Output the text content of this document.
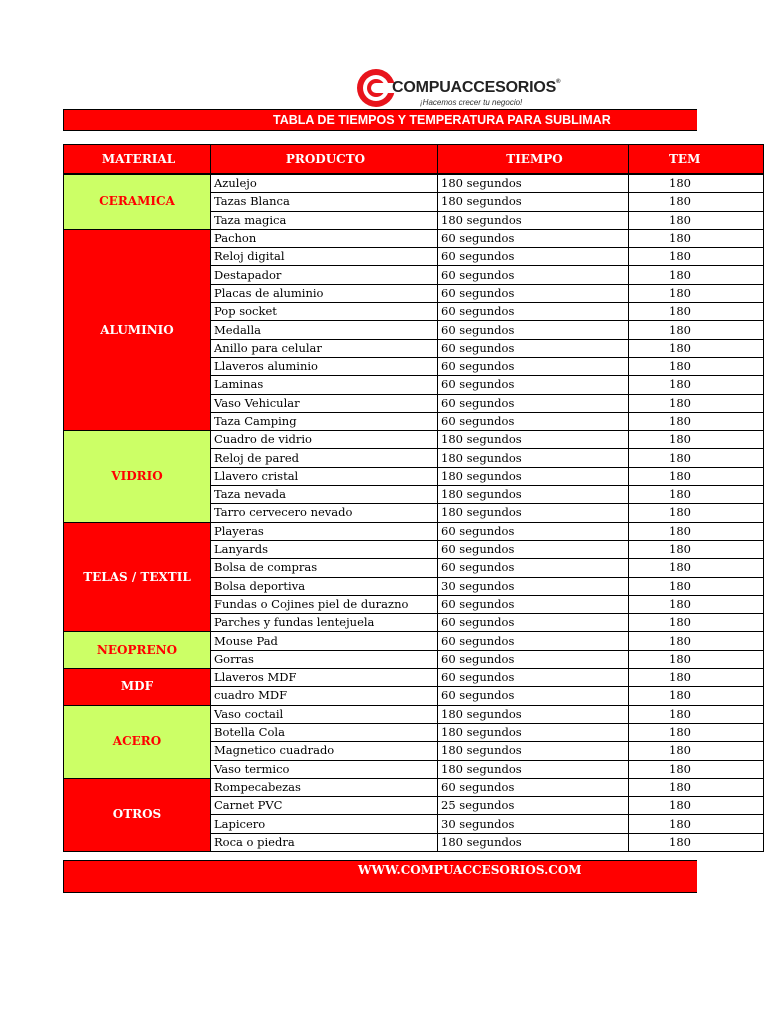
COMPUACCESORIOS®
¡Hacemos crecer tu negocio!
TABLA DE TIEMPOS Y TEMPERATURA PARA SUBLIMAR
MATERIAL	PRODUCTO	TIEMPO	TEM
CERAMICA	Azulejo	180 segundos	180
	Tazas Blanca	180 segundos	180
	Taza magica	180 segundos	180
ALUMINIO	Pachon	60 segundos	180
	Reloj digital	60 segundos	180
	Destapador	60 segundos	180
	Placas de aluminio	60 segundos	180
	Pop socket	60 segundos	180
	Medalla	60 segundos	180
	Anillo para celular	60 segundos	180
	Llaveros aluminio	60 segundos	180
	Laminas	60 segundos	180
	Vaso Vehicular	60 segundos	180
	Taza Camping	60 segundos	180
VIDRIO	Cuadro de vidrio	180 segundos	180
	Reloj de pared	180 segundos	180
	Llavero cristal	180 segundos	180
	Taza nevada	180 segundos	180
	Tarro cervecero nevado	180 segundos	180
TELAS / TEXTIL	Playeras	60 segundos	180
	Lanyards	60 segundos	180
	Bolsa de compras	60 segundos	180
	Bolsa deportiva	30 segundos	180
	Fundas o Cojines piel de durazno	60 segundos	180
	Parches y fundas lentejuela	60 segundos	180
NEOPRENO	Mouse Pad	60 segundos	180
	Gorras	60 segundos	180
MDF	Llaveros MDF	60 segundos	180
	cuadro MDF	60 segundos	180
ACERO	Vaso coctail	180 segundos	180
	Botella Cola	180 segundos	180
	Magnetico cuadrado	180 segundos	180
	Vaso termico	180 segundos	180
OTROS	Rompecabezas	60 segundos	180
	Carnet PVC	25 segundos	180
	Lapicero	30 segundos	180
	Roca o piedra	180 segundos	180
WWW.COMPUACCESORIOS.COM
